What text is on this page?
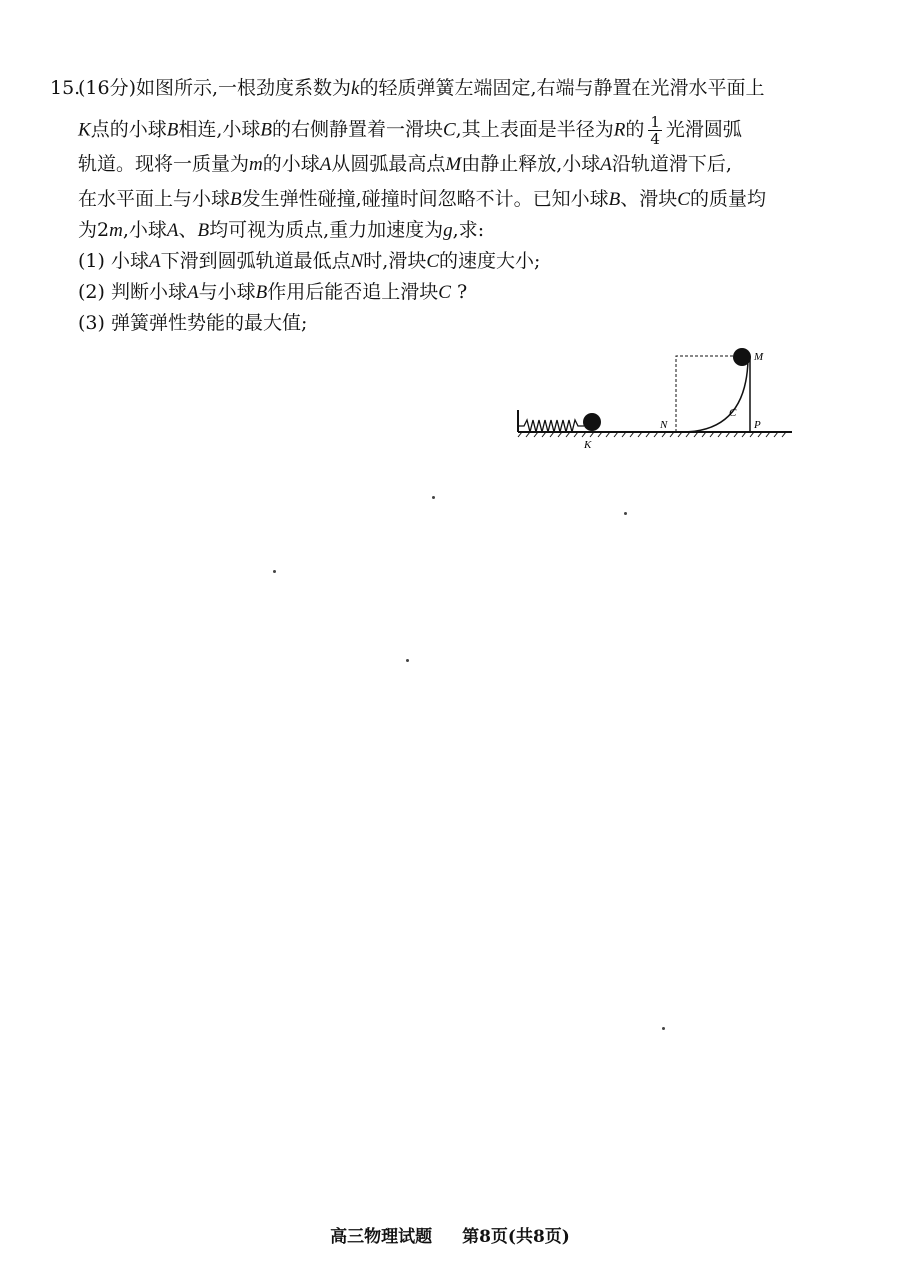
15.
(16分)如图所示,一根劲度系数为k的轻质弹簧左端固定,右端与静置在光滑水平面上
K点的小球B相连,小球B的右侧静置着一滑块C,其上表面是半径为R的 $\frac{1}{4}$ 光滑圆弧
轨道。现将一质量为m的小球A从圆弧最高点M由静止释放,小球A沿轨道滑下后,
在水平面上与小球B发生弹性碰撞,碰撞时间忽略不计。已知小球B、滑块C的质量均
为2m,小球A、B均可视为质点,重力加速度为g,求:
(1) 小球A下滑到圆弧轨道最低点N时,滑块C的速度大小;
(2) 判断小球A与小球B作用后能否追上滑块C ?
(3) 弹簧弹性势能的最大值;
K
N
C
P
M
高三物理试题 第8页(共8页)
